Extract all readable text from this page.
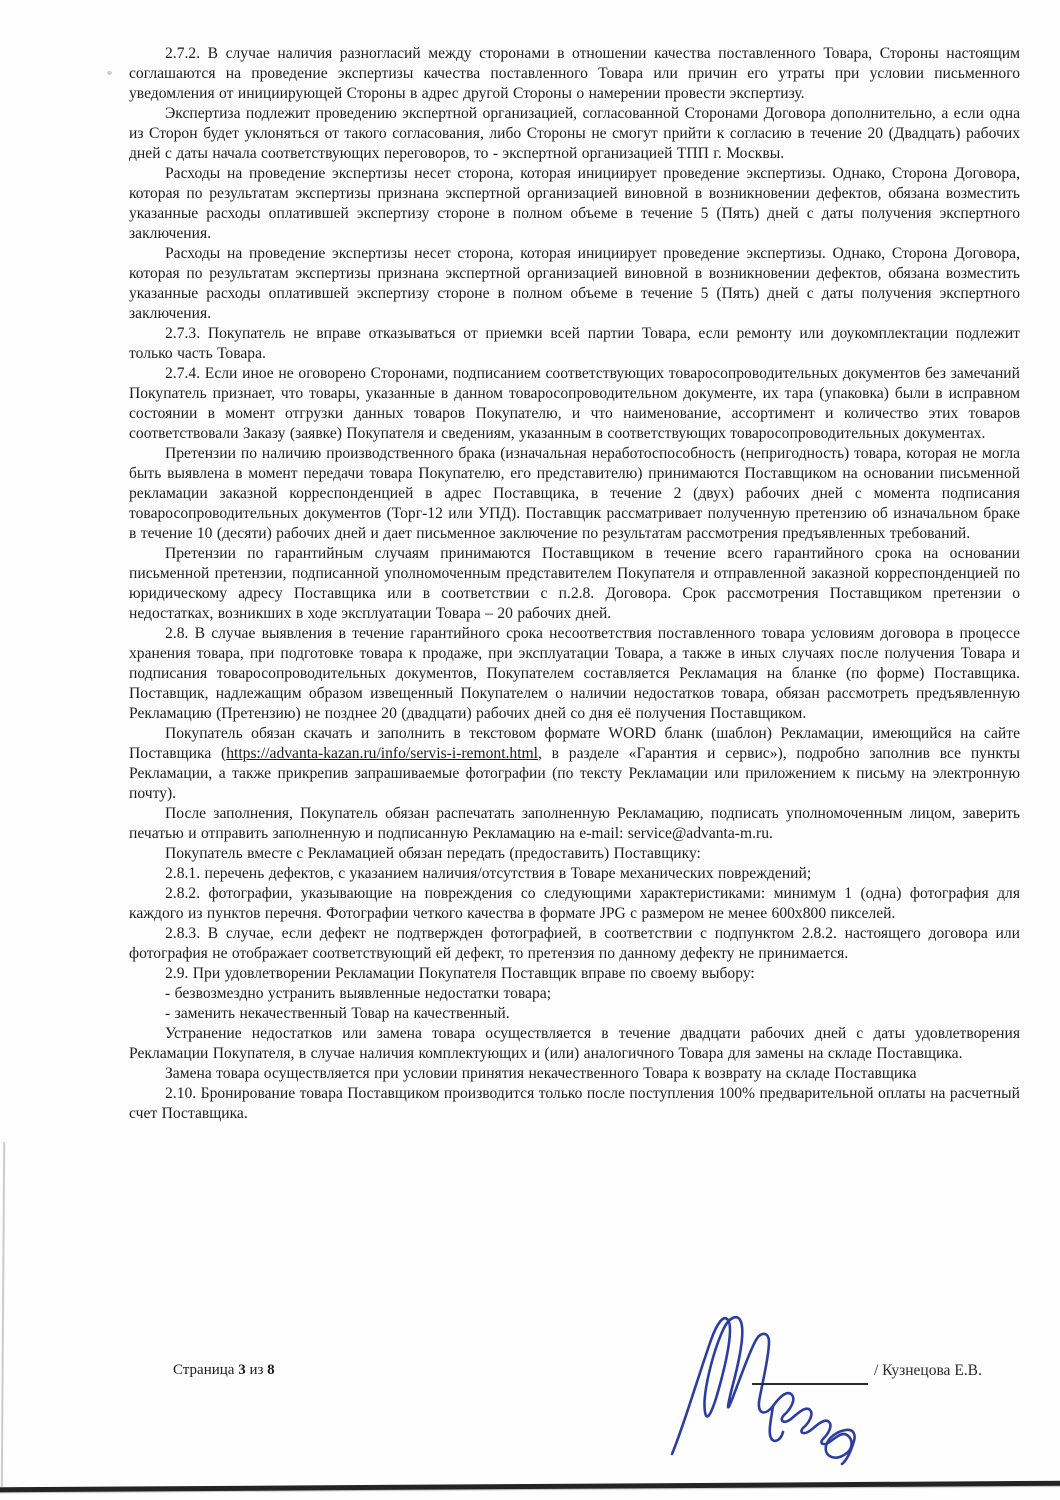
2.7.2. В случае наличия разногласий между сторонами в отношении качества поставленного Товара, Стороны настоящим соглашаются на проведение экспертизы качества поставленного Товара или причин его утраты при условии письменного уведомления от инициирующей Стороны в адрес другой Стороны о намерении провести экспертизу.

Экспертиза подлежит проведению экспертной организацией, согласованной Сторонами Договора дополнительно, а если одна из Сторон будет уклоняться от такого согласования, либо Стороны не смогут прийти к согласию в течение 20 (Двадцать) рабочих дней с даты начала соответствующих переговоров, то - экспертной организацией ТПП г. Москвы.

Расходы на проведение экспертизы несет сторона, которая инициирует проведение экспертизы. Однако, Сторона Договора, которая по результатам экспертизы признана экспертной организацией виновной в возникновении дефектов, обязана возместить указанные расходы оплатившей экспертизу стороне в полном объеме в течение 5 (Пять) дней с даты получения экспертного заключения.

Расходы на проведение экспертизы несет сторона, которая инициирует проведение экспертизы. Однако, Сторона Договора, которая по результатам экспертизы признана экспертной организацией виновной в возникновении дефектов, обязана возместить указанные расходы оплатившей экспертизу стороне в полном объеме в течение 5 (Пять) дней с даты получения экспертного заключения.

2.7.3. Покупатель не вправе отказываться от приемки всей партии Товара, если ремонту или доукомплектации подлежит только часть Товара.

2.7.4. Если иное не оговорено Сторонами, подписанием соответствующих товаросопроводительных документов без замечаний Покупатель признает, что товары, указанные в данном товаросопроводительном документе, их тара (упаковка) были в исправном состоянии в момент отгрузки данных товаров Покупателю, и что наименование, ассортимент и количество этих товаров соответствовали Заказу (заявке) Покупателя и сведениям, указанным в соответствующих товаросопроводительных документах.

Претензии по наличию производственного брака (изначальная неработоспособность (непригодность) товара, которая не могла быть выявлена в момент передачи товара Покупателю, его представителю) принимаются Поставщиком на основании письменной рекламации заказной корреспонденцией в адрес Поставщика, в течение 2 (двух) рабочих дней с момента подписания товаросопроводительных документов (Торг-12 или УПД). Поставщик рассматривает полученную претензию об изначальном браке в течение 10 (десяти) рабочих дней и дает письменное заключение по результатам рассмотрения предъявленных требований.

Претензии по гарантийным случаям принимаются Поставщиком в течение всего гарантийного срока на основании письменной претензии, подписанной уполномоченным представителем Покупателя и отправленной заказной корреспонденцией по юридическому адресу Поставщика или в соответствии с п.2.8. Договора. Срок рассмотрения Поставщиком претензии о недостатках, возникших в ходе эксплуатации Товара – 20 рабочих дней.

2.8. В случае выявления в течение гарантийного срока несоответствия поставленного товара условиям договора в процессе хранения товара, при подготовке товара к продаже, при эксплуатации Товара, а также в иных случаях после получения Товара и подписания товаросопроводительных документов, Покупателем составляется Рекламация на бланке (по форме) Поставщика. Поставщик, надлежащим образом извещенный Покупателем о наличии недостатков товара, обязан рассмотреть предъявленную Рекламацию (Претензию) не позднее 20 (двадцати) рабочих дней со дня её получения Поставщиком.

Покупатель обязан скачать и заполнить в текстовом формате WORD бланк (шаблон) Рекламации, имеющийся на сайте Поставщика (https://advanta-kazan.ru/info/servis-i-remont.html, в разделе «Гарантия и сервис»), подробно заполнив все пункты Рекламации, а также прикрепив запрашиваемые фотографии (по тексту Рекламации или приложением к письму на электронную почту).

После заполнения, Покупатель обязан распечатать заполненную Рекламацию, подписать уполномоченным лицом, заверить печатью и отправить заполненную и подписанную Рекламацию на e-mail: service@advanta-m.ru.

Покупатель вместе с Рекламацией обязан передать (предоставить) Поставщику:

2.8.1. перечень дефектов, с указанием наличия/отсутствия в Товаре механических повреждений;

2.8.2. фотографии, указывающие на повреждения со следующими характеристиками: минимум 1 (одна) фотография для каждого из пунктов перечня. Фотографии четкого качества в формате JPG с размером не менее 600x800 пикселей.

2.8.3. В случае, если дефект не подтвержден фотографией, в соответствии с подпунктом 2.8.2. настоящего договора или фотография не отображает соответствующий ей дефект, то претензия по данному дефекту не принимается.

2.9. При удовлетворении Рекламации Покупателя Поставщик вправе по своему выбору:

- безвозмездно устранить выявленные недостатки товара;

- заменить некачественный Товар на качественный.

Устранение недостатков или замена товара осуществляется в течение двадцати рабочих дней с даты удовлетворения Рекламации Покупателя, в случае наличия комплектующих и (или) аналогичного Товара для замены на складе Поставщика.

Замена товара осуществляется при условии принятия некачественного Товара к возврату на складе Поставщика

2.10. Бронирование товара Поставщиком производится только после поступления 100% предварительной оплаты на расчетный счет Поставщика.

Страница 3 из 8	/ Кузнецова Е.В.
